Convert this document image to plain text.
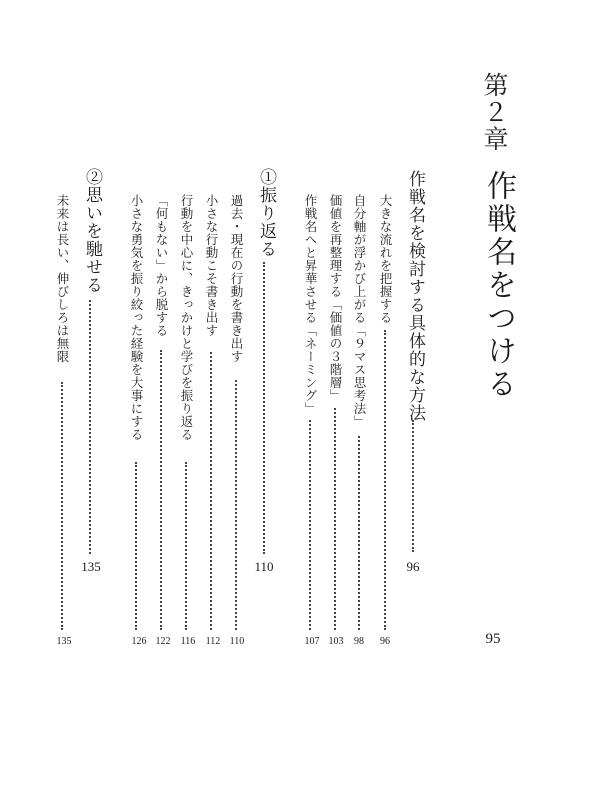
第２章
作戦名をつける
95
作戦名を検討する具体的な方法
96
大きな流れを把握する
96
自分軸が浮かび上がる「９マス思考法」
98
価値を再整理する「価値の３階層」
103
作戦名へと昇華させる「ネーミング」
107
①振り返る
110
過去・現在の行動を書き出す
110
小さな行動こそ書き出す
112
行動を中心に、きっかけと学びを振り返る
116
「何もない」から脱する
122
小さな勇気を振り絞った経験を大事にする
126
②思いを馳せる
135
未来は長い、伸びしろは無限
135
